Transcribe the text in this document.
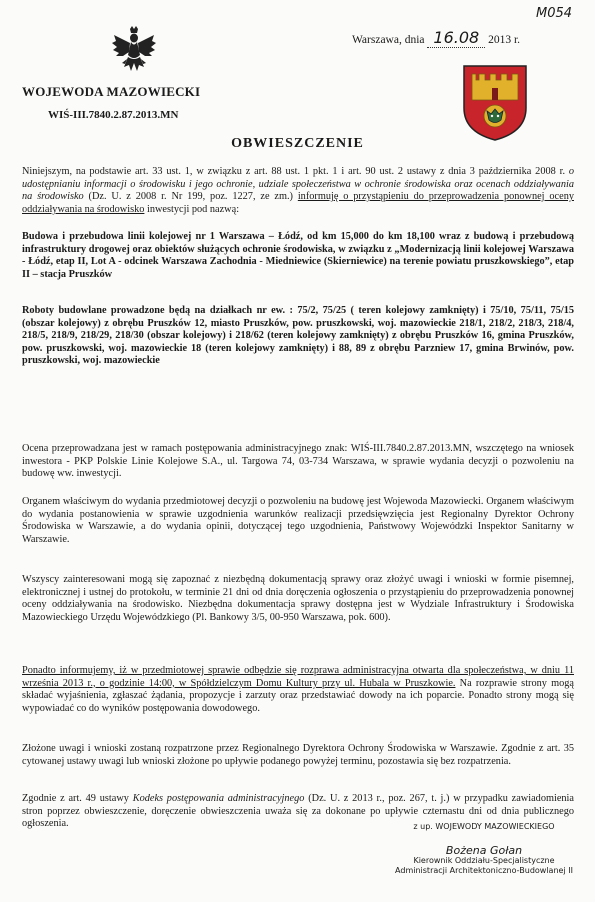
M054
Warszawa, dnia 16.08 2013 r.
WOJEWODA MAZOWIECKI
WIŚ-III.7840.2.87.2013.MN
OBWIESZCZENIE
Niniejszym, na podstawie art. 33 ust. 1, w związku z art. 88 ust. 1 pkt. 1 i art. 90 ust. 2 ustawy z dnia 3 października 2008 r. o udostępnianiu informacji o środowisku i jego ochronie, udziale społeczeństwa w ochronie środowiska oraz ocenach oddziaływania na środowisko (Dz. U. z 2008 r. Nr 199, poz. 1227, ze zm.) informuję o przystąpieniu do przeprowadzenia ponownej oceny oddziaływania na środowisko inwestycji pod nazwą:
Budowa i przebudowa linii kolejowej nr 1 Warszawa – Łódź, od km 15,000 do km 18,100 wraz z budową i przebudową infrastruktury drogowej oraz obiektów służących ochronie środowiska, w związku z „Modernizacją linii kolejowej Warszawa - Łódź, etap II, Lot A - odcinek Warszawa Zachodnia - Miedniewice (Skierniewice) na terenie powiatu pruszkowskiego”, etap II – stacja Pruszków
Roboty budowlane prowadzone będą na działkach nr ew. : 75/2, 75/25 ( teren kolejowy zamknięty) i 75/10, 75/11, 75/15 (obszar kolejowy) z obrębu Pruszków 12, miasto Pruszków, pow. pruszkowski, woj. mazowieckie 218/1, 218/2, 218/3, 218/4, 218/5, 218/9, 218/29, 218/30 (obszar kolejowy) i 218/62 (teren kolejowy zamknięty) z obrębu Pruszków 16, gmina Pruszków, pow. pruszkowski, woj. mazowieckie 18 (teren kolejowy zamknięty) i 88, 89 z obrębu Parzniew 17, gmina Brwinów, pow. pruszkowski, woj. mazowieckie
Ocena przeprowadzana jest w ramach postępowania administracyjnego znak: WIŚ-III.7840.2.87.2013.MN, wszczętego na wniosek inwestora - PKP Polskie Linie Kolejowe S.A., ul. Targowa 74, 03-734 Warszawa, w sprawie wydania decyzji o pozwoleniu na budowę ww. inwestycji.
Organem właściwym do wydania przedmiotowej decyzji o pozwoleniu na budowę jest Wojewoda Mazowiecki. Organem właściwym do wydania postanowienia w sprawie uzgodnienia warunków realizacji przedsięwzięcia jest Regionalny Dyrektor Ochrony Środowiska w Warszawie, a do wydania opinii, dotyczącej tego uzgodnienia, Państwowy Wojewódzki Inspektor Sanitarny w Warszawie.
Wszyscy zainteresowani mogą się zapoznać z niezbędną dokumentacją sprawy oraz złożyć uwagi i wnioski w formie pisemnej, elektronicznej i ustnej do protokołu, w terminie 21 dni od dnia doręczenia ogłoszenia o przystąpieniu do przeprowadzenia ponownej oceny oddziaływania na środowisko. Niezbędna dokumentacja sprawy dostępna jest w Wydziale Infrastruktury i Środowiska Mazowieckiego Urzędu Wojewódzkiego (Pl. Bankowy 3/5, 00-950 Warszawa, pok. 600).
Ponadto informujemy, iż w przedmiotowej sprawie odbędzie się rozprawa administracyjna otwarta dla społeczeństwa, w dniu 11 września 2013 r., o godzinie 14:00, w Spółdzielczym Domu Kultury przy ul. Hubala w Pruszkowie. Na rozprawie strony mogą składać wyjaśnienia, zgłaszać żądania, propozycje i zarzuty oraz przedstawiać dowody na ich poparcie. Ponadto strony mogą się wypowiadać co do wyników postępowania dowodowego.
Złożone uwagi i wnioski zostaną rozpatrzone przez Regionalnego Dyrektora Ochrony Środowiska w Warszawie. Zgodnie z art. 35 cytowanej ustawy uwagi lub wnioski złożone po upływie podanego powyżej terminu, pozostawia się bez rozpatrzenia.
Zgodnie z art. 49 ustawy Kodeks postępowania administracyjnego (Dz. U. z 2013 r., poz. 267, t. j.) w przypadku zawiadomienia stron poprzez obwieszczenie, doręczenie obwieszczenia uważa się za dokonane po upływie czternastu dni od dnia publicznego ogłoszenia.	z up. WOJEWODY MAZOWIECKIEGO
Bożena Gołan
Kierownik Oddziału-Specjalistyczne
Administracji Architektoniczno-Budowlanej II
